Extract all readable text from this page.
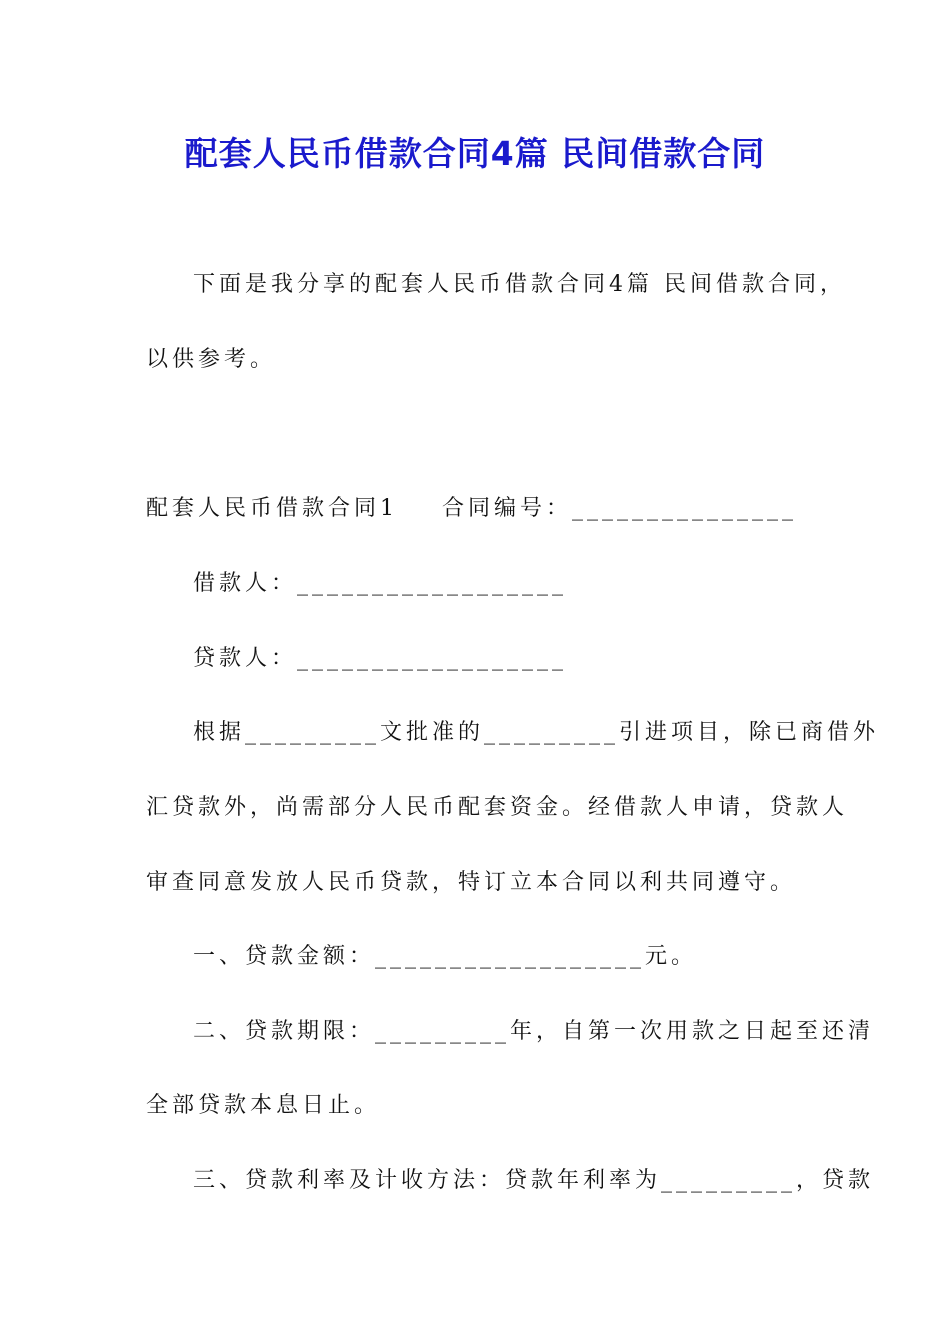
配套人民币借款合同4篇 民间借款合同
下面是我分享的配套人民币借款合同4篇 民间借款合同，
以供参考。
配套人民币借款合同1    合同编号：_______________
借款人：__________________
贷款人：__________________
根据_________文批准的_________引进项目，除已商借外
汇贷款外，尚需部分人民币配套资金。经借款人申请，贷款人
审查同意发放人民币贷款，特订立本合同以利共同遵守。
一、贷款金额：__________________元。
二、贷款期限：_________年，自第一次用款之日起至还清
全部贷款本息日止。
三、贷款利率及计收方法：贷款年利率为_________，贷款
